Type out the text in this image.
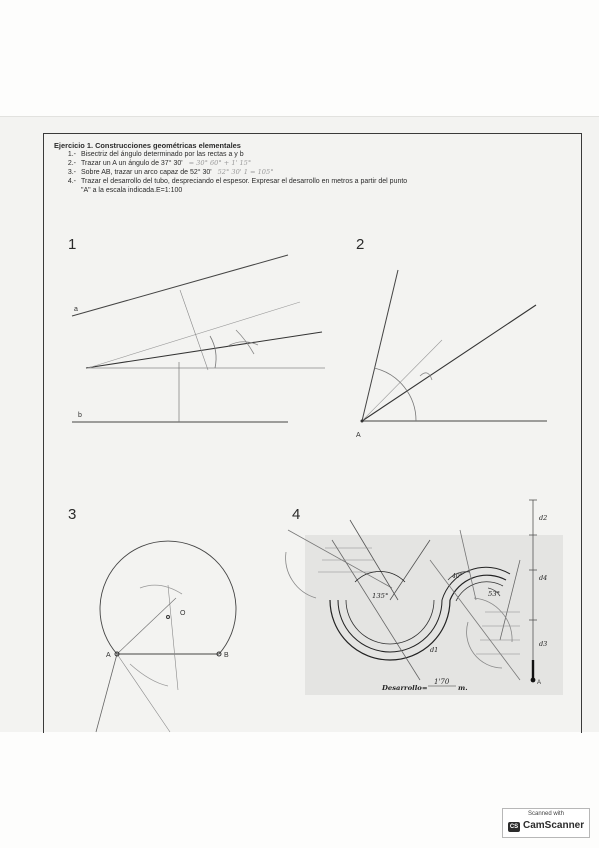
Ejercicio 1. Construcciones geométricas elementales
1.- Bisectriz del ángulo determinado por las rectas a y b
2.- Trazar un A un ángulo de 37° 30' = 30° 60° + 1' 15°
3.- Sobre AB, trazar un arco capaz de 52° 30' 52° 30' 1 = 105°
4.- Trazar el desarrollo del tubo, despreciando el espesor. Expresar el desarrollo en metros a partir del punto
"A" a la escala indicada.E=1:100
1	2
3	4
a
b
A
A	B
O
135°
40°
53°
d1
d2
d3
d4
A
Desarrollo=
1'70
m.
Scanned with
CS CamScanner
